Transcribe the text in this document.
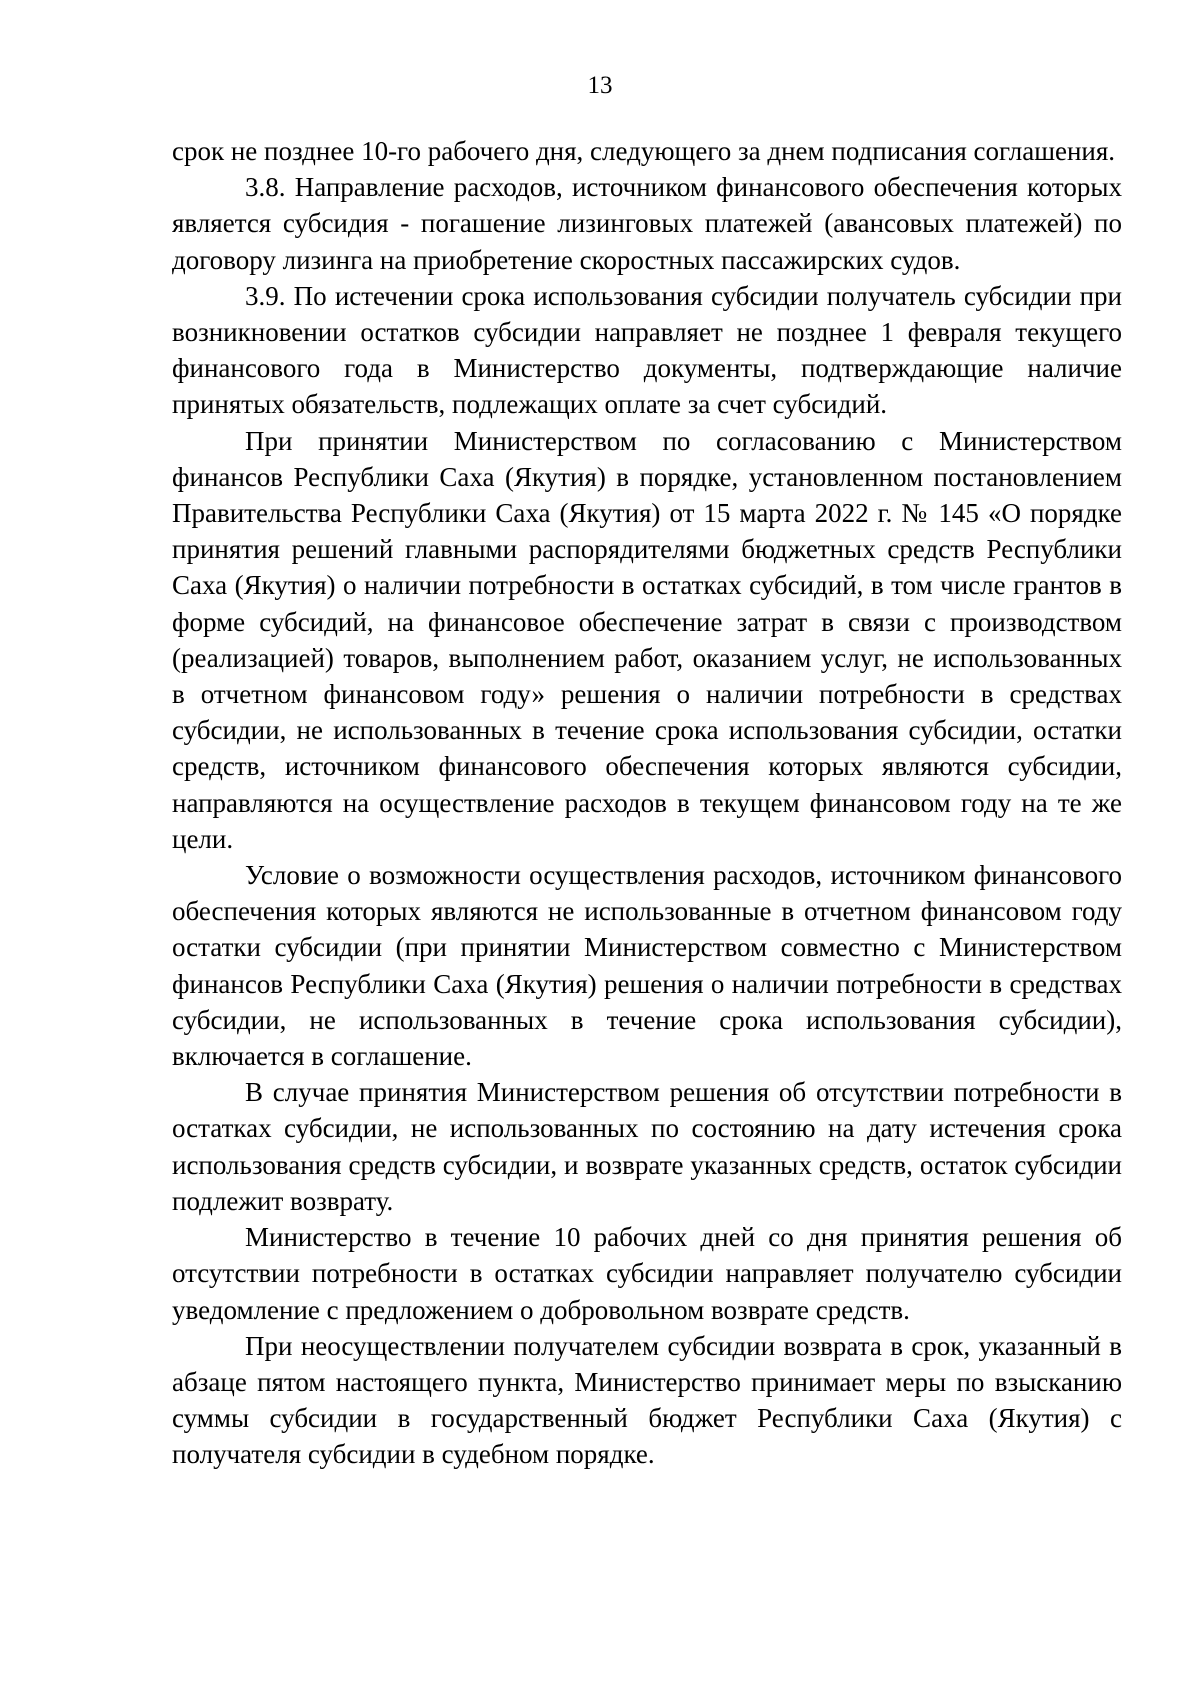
13

срок не позднее 10-го рабочего дня, следующего за днем подписания соглашения.

3.8. Направление расходов, источником финансового обеспечения которых является субсидия - погашение лизинговых платежей (авансовых платежей) по договору лизинга на приобретение скоростных пассажирских судов.

3.9. По истечении срока использования субсидии получатель субсидии при возникновении остатков субсидии направляет не позднее 1 февраля текущего финансового года в Министерство документы, подтверждающие наличие принятых обязательств, подлежащих оплате за счет субсидий.

При принятии Министерством по согласованию с Министерством финансов Республики Саха (Якутия) в порядке, установленном постановлением Правительства Республики Саха (Якутия) от 15 марта 2022 г. № 145 «О порядке принятия решений главными распорядителями бюджетных средств Республики Саха (Якутия) о наличии потребности в остатках субсидий, в том числе грантов в форме субсидий, на финансовое обеспечение затрат в связи с производством (реализацией) товаров, выполнением работ, оказанием услуг, не использованных в отчетном финансовом году» решения о наличии потребности в средствах субсидии, не использованных в течение срока использования субсидии, остатки средств, источником финансового обеспечения которых являются субсидии, направляются на осуществление расходов в текущем финансовом году на те же цели.

Условие о возможности осуществления расходов, источником финансового обеспечения которых являются не использованные в отчетном финансовом году остатки субсидии (при принятии Министерством совместно с Министерством финансов Республики Саха (Якутия) решения о наличии потребности в средствах субсидии, не использованных в течение срока использования субсидии), включается в соглашение.

В случае принятия Министерством решения об отсутствии потребности в остатках субсидии, не использованных по состоянию на дату истечения срока использования средств субсидии, и возврате указанных средств, остаток субсидии подлежит возврату.

Министерство в течение 10 рабочих дней со дня принятия решения об отсутствии потребности в остатках субсидии направляет получателю субсидии уведомление с предложением о добровольном возврате средств.

При неосуществлении получателем субсидии возврата в срок, указанный в абзаце пятом настоящего пункта, Министерство принимает меры по взысканию суммы субсидии в государственный бюджет Республики Саха (Якутия) с получателя субсидии в судебном порядке.
